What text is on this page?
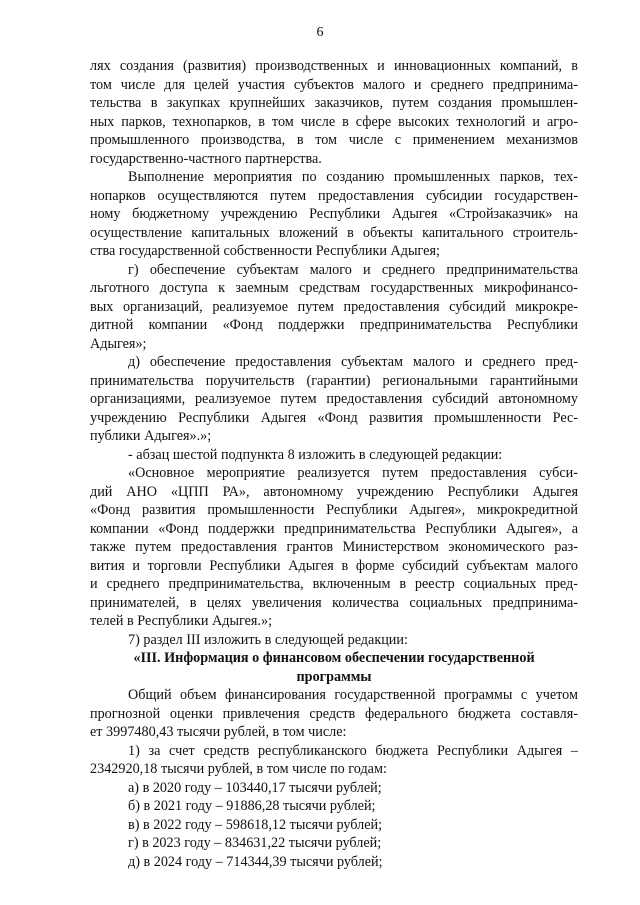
6
лях создания (развития) производственных и инновационных компаний, в
том числе для целей участия субъектов малого и среднего предпринима-
тельства в закупках крупнейших заказчиков, путем создания промышлен-
ных парков, технопарков, в том числе в сфере высоких технологий и агро-
промышленного производства, в том числе с применением механизмов
государственно-частного партнерства.
Выполнение мероприятия по созданию промышленных парков, тех-
нопарков осуществляются путем предоставления субсидии государствен-
ному бюджетному учреждению Республики Адыгея «Стройзаказчик» на
осуществление капитальных вложений в объекты капитального строитель-
ства государственной собственности Республики Адыгея;
г) обеспечение субъектам малого и среднего предпринимательства
льготного доступа к заемным средствам государственных микрофинансо-
вых организаций, реализуемое путем предоставления субсидий микрокре-
дитной компании «Фонд поддержки предпринимательства Республики
Адыгея»;
д) обеспечение предоставления субъектам малого и среднего пред-
принимательства поручительств (гарантии) региональными гарантийными
организациями, реализуемое путем предоставления субсидий автономному
учреждению Республики Адыгея «Фонд развития промышленности Рес-
публики Адыгея».»;
- абзац шестой подпункта 8 изложить в следующей редакции:
«Основное мероприятие реализуется путем предоставления субси-
дий АНО «ЦПП РА», автономному учреждению Республики Адыгея
«Фонд развития промышленности Республики Адыгея», микрокредитной
компании «Фонд поддержки предпринимательства Республики Адыгея», а
также путем предоставления грантов Министерством экономического раз-
вития и торговли Республики Адыгея в форме субсидий субъектам малого
и среднего предпринимательства, включенным в реестр социальных пред-
принимателей, в целях увеличения количества социальных предпринима-
телей в Республики Адыгея.»;
7) раздел III изложить в следующей редакции:
«III. Информация о финансовом обеспечении государственной
программы
Общий объем финансирования государственной программы с учетом
прогнозной оценки привлечения средств федерального бюджета составля-
ет 3997480,43 тысячи рублей, в том числе:
1) за счет средств республиканского бюджета Республики Адыгея –
2342920,18 тысячи рублей, в том числе по годам:
а) в 2020 году – 103440,17 тысячи рублей;
б) в 2021 году – 91886,28 тысячи рублей;
в) в 2022 году – 598618,12 тысячи рублей;
г) в 2023 году – 834631,22 тысячи рублей;
д) в 2024 году – 714344,39 тысячи рублей;
